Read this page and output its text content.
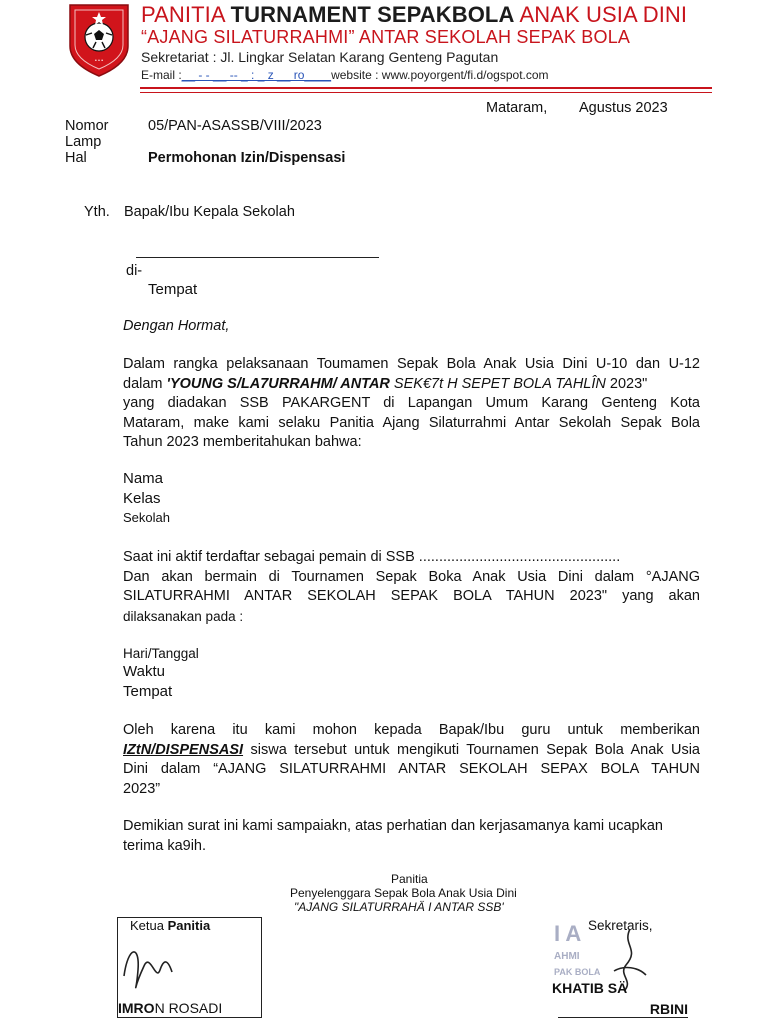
• • •
PANITIA TURNAMENT SEPAKBOLA ANAK USIA DINI
“AJANG SILATURRAHMI” ANTAR SEKOLAH SEPAK BOLA
Sekretariat : Jl. Lingkar Selatan Karang Genteng Pagutan
E-mail :__ - - __ -- _ : _ z __ ro____website : www.poyorgent/fi.d/ogspot.com
Mataram, Agustus 2023
Nomor	05/PAN-ASASSB/VIII/2023
Lamp
Hal	Permohonan Izin/Dispensasi
Yth. Bapak/Ibu Kepala Sekolah
di-
Tempat
Dengan Hormat,
Dalam rangka pelaksanaan Toumamen Sepak Bola Anak Usia Dini U-10 dan U-12
dalam 'YOUNG S/LA7URRAHM/ ANTAR SEK€7t H SEPET BOLA TAHLÎN 2023"
yang diadakan SSB PAKARGENT di Lapangan Umum Karang Genteng Kota
Mataram, make kami selaku Panitia Ajang Silaturrahmi Antar Sekolah Sepak Bola
Tahun 2023 memberitahukan bahwa:
Nama
Kelas
Sekolah
Saat ini aktif terdaftar sebagai pemain di SSB ..................................................
Dan akan bermain di Tournamen Sepak Boka Anak Usia Dini dalam °AJANG
SILATURRAHMI ANTAR SEKOLAH SEPAK BOLA TAHUN 2023" yang akan
dilaksanakan pada :
Hari/Tanggal
Waktu
Tempat
Oleh karena itu kami mohon kepada Bapak/Ibu guru untuk memberikan
IZtN/DISPENSASI siswa tersebut untuk mengikuti Tournamen Sepak Bola Anak Usia
Dini dalam “AJANG SILATURRAHMI ANTAR SEKOLAH SEPAX BOLA TAHUN
2023”
Demikian surat ini kami sampaiakn, atas perhatian dan kerjasamanya kami ucapkan
terima ka9ih.
Panitia
Penyelenggara Sepak Bola Anak Usia Dini
"AJANG SILATURRAHÄ I ANTAR SSB'
Ketua Panitia
IMRON ROSADI
I A
AHMI
PAK BOLA
Sekretaris,
KHATIB SÄ
RBINI
